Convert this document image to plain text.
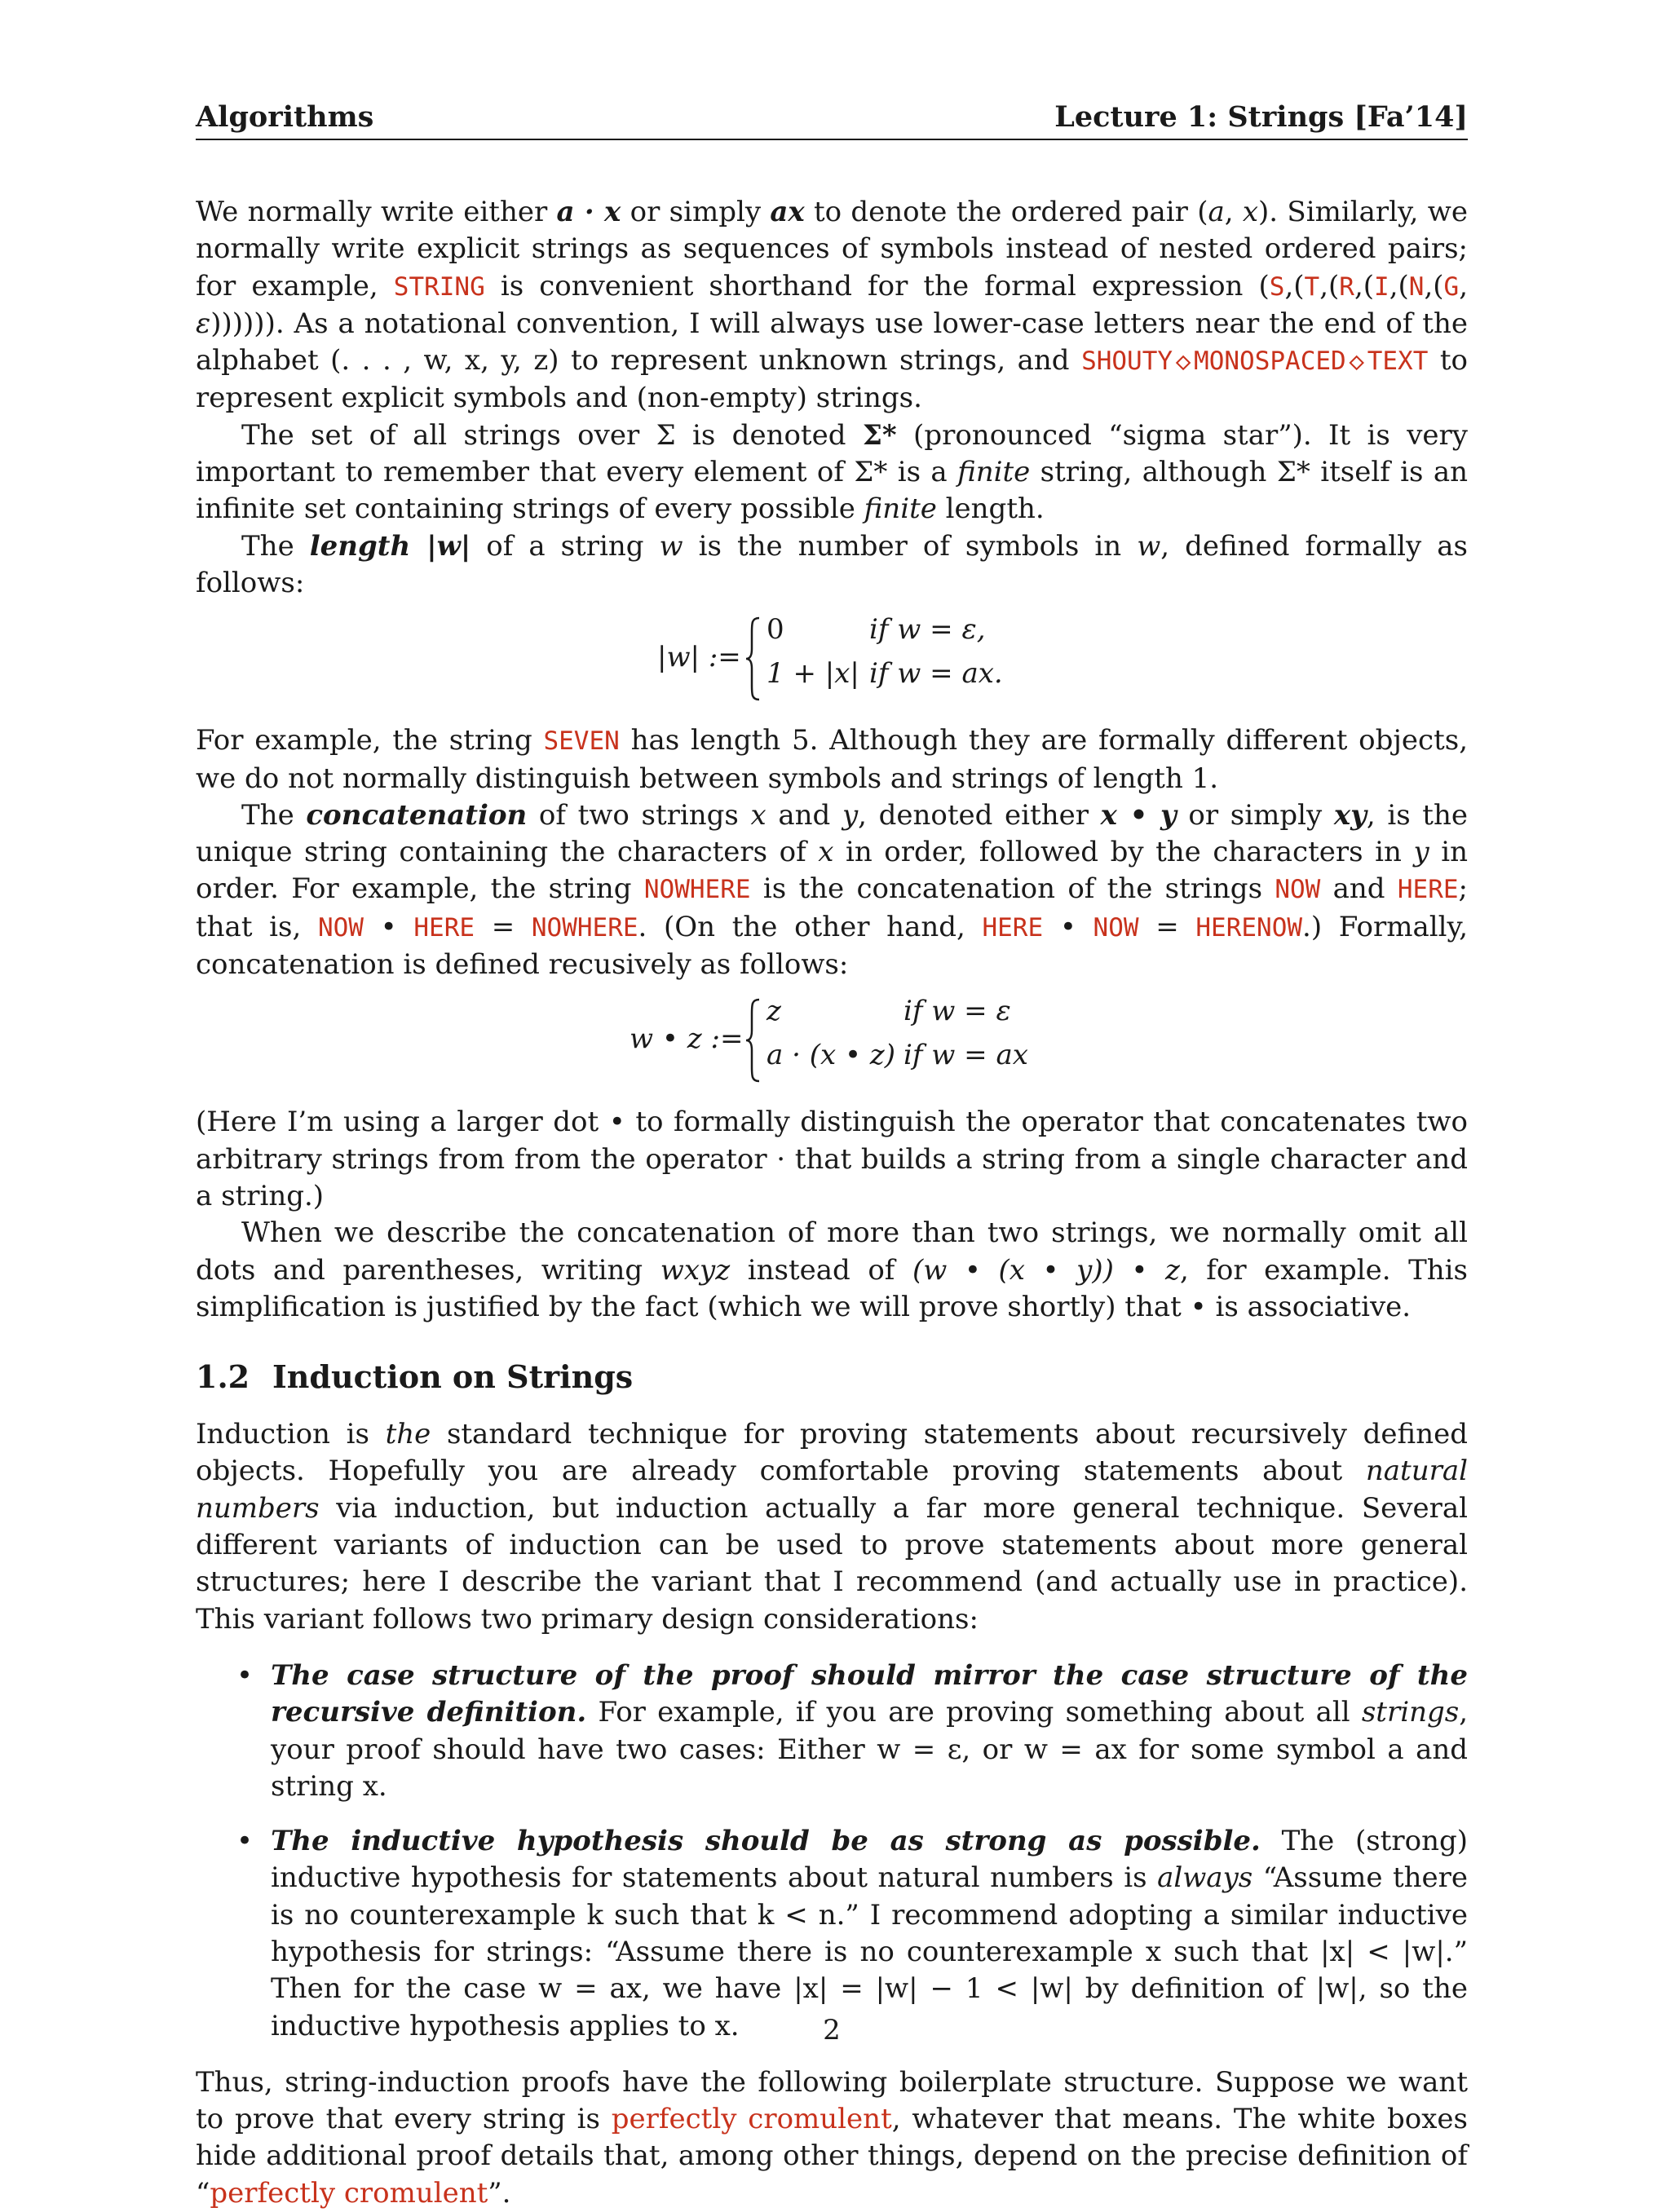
Algorithms	Lecture 1: Strings [Fa’14]

We normally write either a · x or simply ax to denote the ordered pair (a, x). Similarly, we normally write explicit strings as sequences of symbols instead of nested ordered pairs; for example, STRING is convenient shorthand for the formal expression (S,(T,(R,(I,(N,(G, ε)))))). As a notational convention, I will always use lower-case letters near the end of the alphabet (. . . , w, x, y, z) to represent unknown strings, and SHOUTY◇MONOSPACED◇TEXT to represent explicit symbols and (non-empty) strings.

The set of all strings over Σ is denoted Σ* (pronounced “sigma star”). It is very important to remember that every element of Σ* is a finite string, although Σ* itself is an infinite set containing strings of every possible finite length.

The length |w| of a string w is the number of symbols in w, defined formally as follows:

|w| :=
0	if w = ε,
1 + |x| if w = ax.

For example, the string SEVEN has length 5. Although they are formally different objects, we do not normally distinguish between symbols and strings of length 1.

The concatenation of two strings x and y, denoted either x • y or simply xy, is the unique string containing the characters of x in order, followed by the characters in y in order. For example, the string NOWHERE is the concatenation of the strings NOW and HERE; that is, NOW • HERE = NOWHERE. (On the other hand, HERE • NOW = HERENOW.) Formally, concatenation is defined recusively as follows:

w • z :=
z	if w = ε
a · (x • z) if w = ax

(Here I’m using a larger dot • to formally distinguish the operator that concatenates two arbitrary strings from from the operator · that builds a string from a single character and a string.)

When we describe the concatenation of more than two strings, we normally omit all dots and parentheses, writing wxyz instead of (w • (x • y)) • z, for example. This simplification is justified by the fact (which we will prove shortly) that • is associative.

1.2 Induction on Strings

Induction is the standard technique for proving statements about recursively defined objects. Hopefully you are already comfortable proving statements about natural numbers via induction, but induction actually a far more general technique. Several different variants of induction can be used to prove statements about more general structures; here I describe the variant that I recommend (and actually use in practice). This variant follows two primary design considerations:

• The case structure of the proof should mirror the case structure of the recursive definition. For example, if you are proving something about all strings, your proof should have two cases: Either w = ε, or w = ax for some symbol a and string x.
• The inductive hypothesis should be as strong as possible. The (strong) inductive hypothesis for statements about natural numbers is always “Assume there is no counterexample k such that k < n.” I recommend adopting a similar inductive hypothesis for strings: “Assume there is no counterexample x such that |x| < |w|.” Then for the case w = ax, we have |x| = |w| − 1 < |w| by definition of |w|, so the inductive hypothesis applies to x.

Thus, string-induction proofs have the following boilerplate structure. Suppose we want to prove that every string is perfectly cromulent, whatever that means. The white boxes hide additional proof details that, among other things, depend on the precise definition of “perfectly cromulent”.

2
